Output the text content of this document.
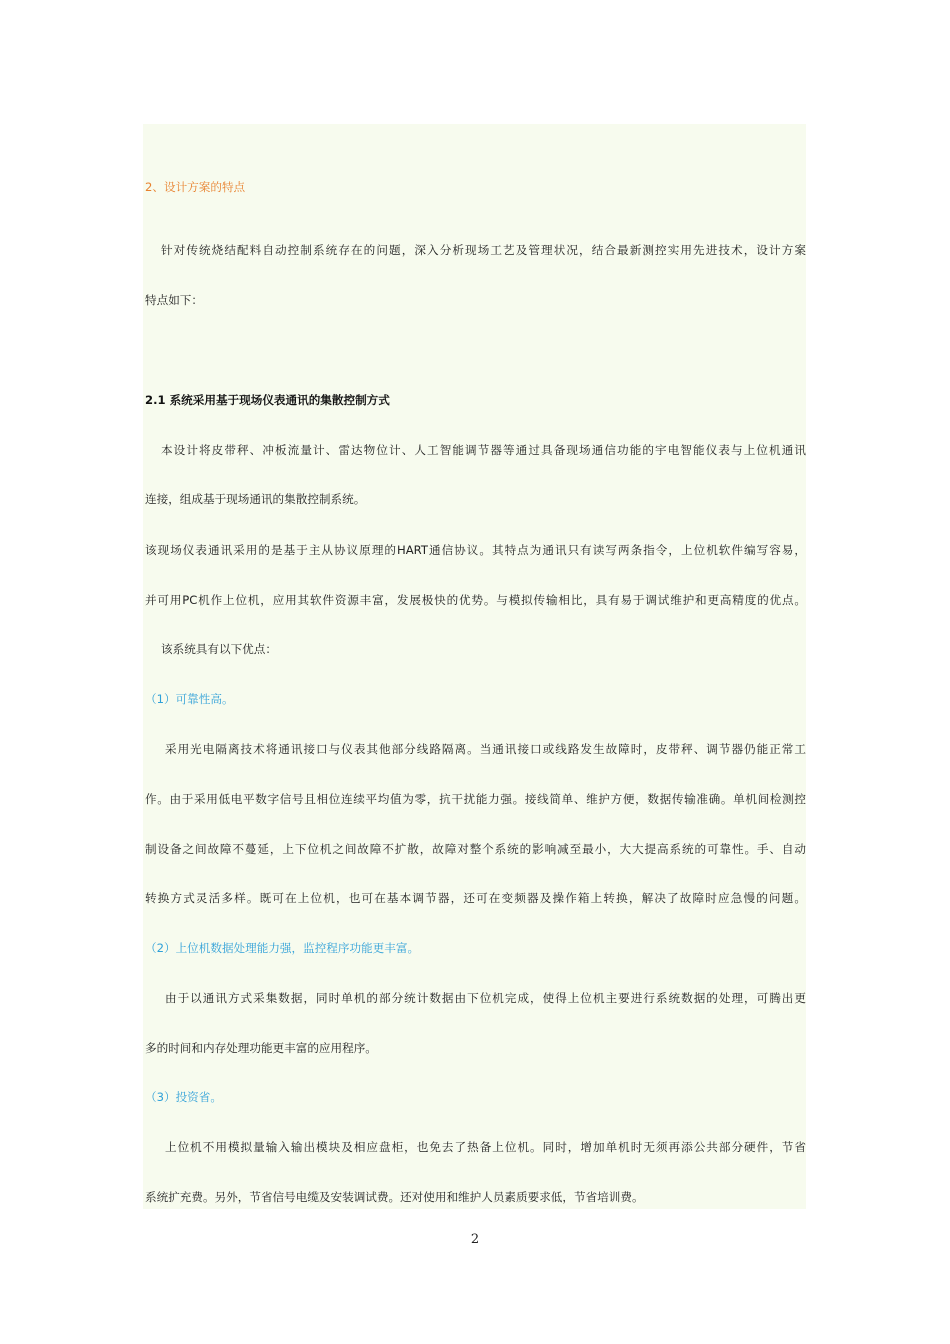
2、设计方案的特点
针对传统烧结配料自动控制系统存在的问题，深入分析现场工艺及管理状况，结合最新测控实用先进技术，设计方案
特点如下：
2.1 系统采用基于现场仪表通讯的集散控制方式
本设计将皮带秤、冲板流量计、雷达物位计、人工智能调节器等通过具备现场通信功能的宇电智能仪表与上位机通讯
连接，组成基于现场通讯的集散控制系统。
该现场仪表通讯采用的是基于主从协议原理的HART通信协议。其特点为通讯只有读写两条指令，上位机软件编写容易，
并可用PC机作上位机，应用其软件资源丰富，发展极快的优势。与模拟传输相比，具有易于调试维护和更高精度的优点。
该系统具有以下优点：
（1）可靠性高。
采用光电隔离技术将通讯接口与仪表其他部分线路隔离。当通讯接口或线路发生故障时，皮带秤、调节器仍能正常工
作。由于采用低电平数字信号且相位连续平均值为零，抗干扰能力强。接线简单、维护方便，数据传输准确。单机间检测控
制设备之间故障不蔓延，上下位机之间故障不扩散，故障对整个系统的影响减至最小，大大提高系统的可靠性。手、自动
转换方式灵活多样。既可在上位机，也可在基本调节器，还可在变频器及操作箱上转换，解决了故障时应急慢的问题。
（2）上位机数据处理能力强，监控程序功能更丰富。
由于以通讯方式采集数据，同时单机的部分统计数据由下位机完成，使得上位机主要进行系统数据的处理，可腾出更
多的时间和内存处理功能更丰富的应用程序。
（3）投资省。
上位机不用模拟量输入输出模块及相应盘柜，也免去了热备上位机。同时，增加单机时无须再添公共部分硬件，节省
系统扩充费。另外，节省信号电缆及安装调试费。还对使用和维护人员素质要求低，节省培训费。
2
